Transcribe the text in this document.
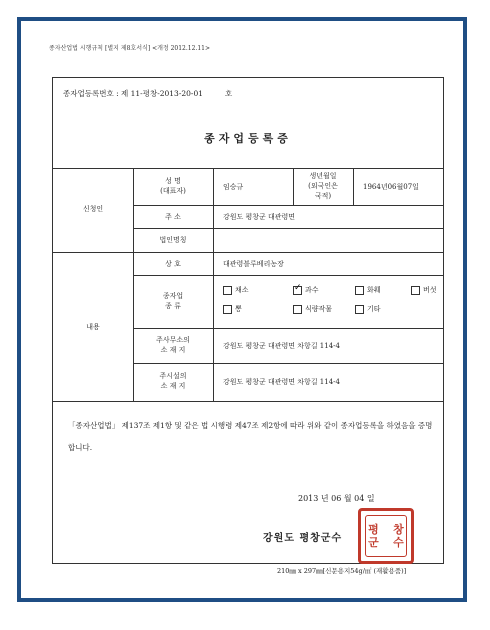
종자산업법 시행규칙 [별지 제8호서식] <개정 2012.12.11>
종자업등록번호 : 제 11-평창-2013-20-01	호
종자업등록증
신청인
성 명
(대표자)	임승규
생년월일
(외국인은
국적)
1964년06월07일
주 소	강원도 평창군 대관령면
법인명칭
내용
상 호	대관령블루베리농장
종자업
종 류
채소
✓	과수	화훼	버섯
뽕	식량작물	기타
주사무소의
소 재 지	강원도 평창군 대관령면 차항길 114-4
주시설의
소 재 지	강원도 평창군 대관령면 차항길 114-4
「종자산업법」 제137조 제1항 및 같은 법 시행령 제47조 제2항에 따라 위와 같이 종자업등록을 하였음을 증명합니다.
2013 년 06 월 04 일
강원도 평창군수
평	창
군	수
210㎜ x 297㎜[신문용지54g/㎡ (재활용품)]
